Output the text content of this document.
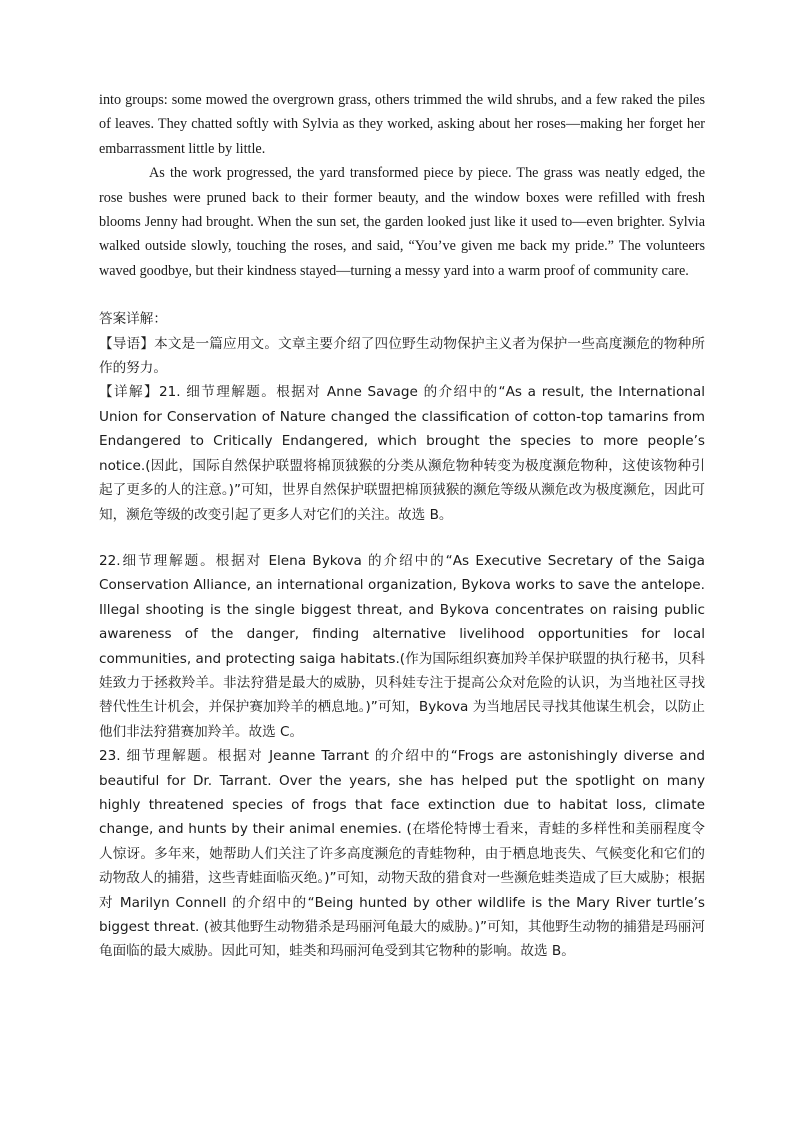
into groups: some mowed the overgrown grass, others trimmed the wild shrubs, and a few raked the piles of leaves. They chatted softly with Sylvia as they worked, asking about her roses—making her forget her embarrassment little by little.

As the work progressed, the yard transformed piece by piece. The grass was neatly edged, the rose bushes were pruned back to their former beauty, and the window boxes were refilled with fresh blooms Jenny had brought. When the sun set, the garden looked just like it used to—even brighter. Sylvia walked outside slowly, touching the roses, and said, “You’ve given me back my pride.” The volunteers waved goodbye, but their kindness stayed—turning a messy yard into a warm proof of community care.

答案详解：

【导语】本文是一篇应用文。文章主要介绍了四位野生动物保护主义者为保护一些高度濒危的物种所作的努力。

【详解】21. 细节理解题。根据对 Anne Savage 的介绍中的“As a result, the International Union for Conservation of Nature changed the classification of cotton-top tamarins from Endangered to Critically Endangered, which brought the species to more people’s notice.(因此，国际自然保护联盟将棉顶狨猴的分类从濒危物种转变为极度濒危物种，这使该物种引起了更多的人的注意。)”可知，世界自然保护联盟把棉顶狨猴的濒危等级从濒危改为极度濒危，因此可知，濒危等级的改变引起了更多人对它们的关注。故选 B。

22.细节理解题。根据对 Elena Bykova 的介绍中的“As Executive Secretary of the Saiga Conservation Alliance, an international organization, Bykova works to save the antelope. Illegal shooting is the single biggest threat, and Bykova concentrates on raising public awareness of the danger, finding alternative livelihood opportunities for local communities, and protecting saiga habitats.(作为国际组织赛加羚羊保护联盟的执行秘书，贝科娃致力于拯救羚羊。非法狩猎是最大的威胁，贝科娃专注于提高公众对危险的认识，为当地社区寻找替代性生计机会，并保护赛加羚羊的栖息地。)”可知，Bykova 为当地居民寻找其他谋生机会，以防止他们非法狩猎赛加羚羊。故选 C。

23. 细节理解题。根据对 Jeanne Tarrant 的介绍中的“Frogs are astonishingly diverse and beautiful for Dr. Tarrant. Over the years, she has helped put the spotlight on many highly threatened species of frogs that face extinction due to habitat loss, climate change, and hunts by their animal enemies. (在塔伦特博士看来，青蛙的多样性和美丽程度令人惊讶。多年来，她帮助人们关注了许多高度濒危的青蛙物种，由于栖息地丧失、气候变化和它们的动物敌人的捕猎，这些青蛙面临灭绝。)”可知，动物天敌的猎食对一些濒危蛙类造成了巨大威胁；根据对 Marilyn Connell 的介绍中的“Being hunted by other wildlife is the Mary River turtle’s biggest threat. (被其他野生动物猎杀是玛丽河龟最大的威胁。)”可知，其他野生动物的捕猎是玛丽河龟面临的最大威胁。因此可知，蛙类和玛丽河龟受到其它物种的影响。故选 B。
